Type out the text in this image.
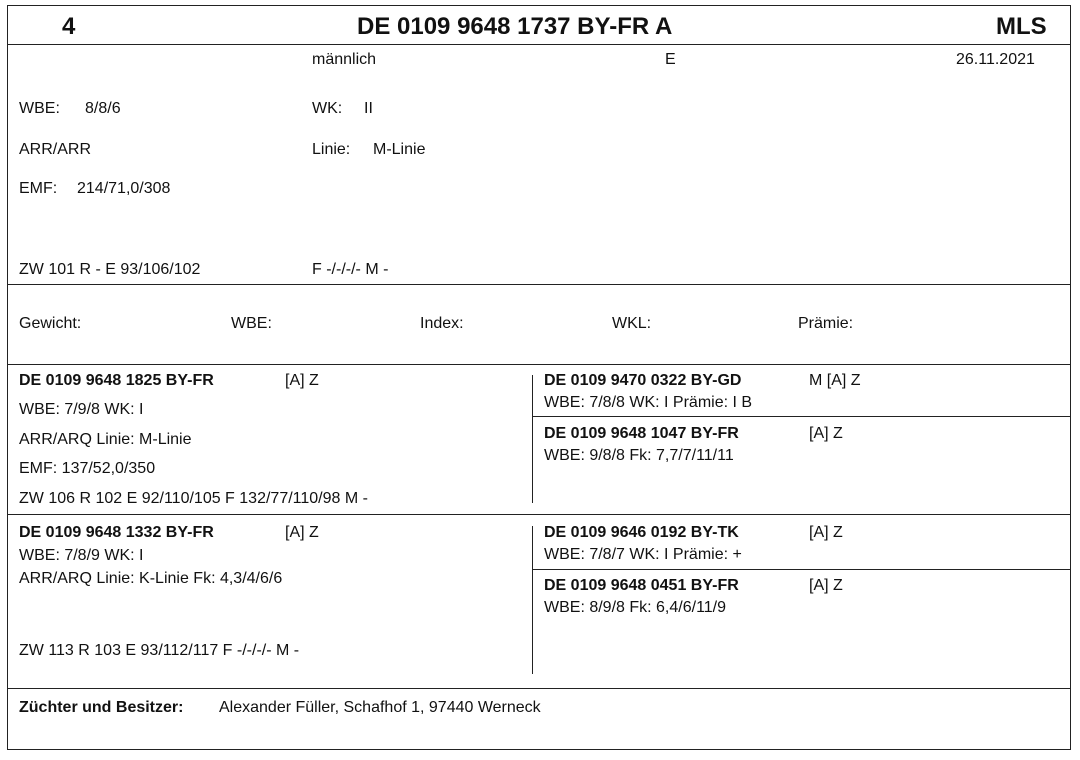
4	DE 0109 9648 1737 BY-FR A	MLS
männlich	E	26.11.2021
WBE: 8/8/6	WK: II
ARR/ARR	Linie: M-Linie
EMF: 214/71,0/308
ZW 101 R - E 93/106/102	F -/-/-/- M -
Gewicht:	WBE:	Index:	WKL:	Prämie:
DE 0109 9648 1825 BY-FR	[A] Z
WBE: 7/9/8 WK: I
ARR/ARQ Linie: M-Linie
EMF: 137/52,0/350
ZW 106 R 102 E 92/110/105 F 132/77/110/98 M -
DE 0109 9470 0322 BY-GD	M [A] Z
WBE: 7/8/8 WK: I Prämie: I B
DE 0109 9648 1047 BY-FR	[A] Z
WBE: 9/8/8 Fk: 7,7/7/11/11
DE 0109 9648 1332 BY-FR	[A] Z
WBE: 7/8/9 WK: I
ARR/ARQ Linie: K-Linie Fk: 4,3/4/6/6
ZW 113 R 103 E 93/112/117 F -/-/-/- M -
DE 0109 9646 0192 BY-TK	[A] Z
WBE: 7/8/7 WK: I Prämie: +
DE 0109 9648 0451 BY-FR	[A] Z
WBE: 8/9/8 Fk: 6,4/6/11/9
Züchter und Besitzer: Alexander Füller, Schafhof 1, 97440 Werneck
